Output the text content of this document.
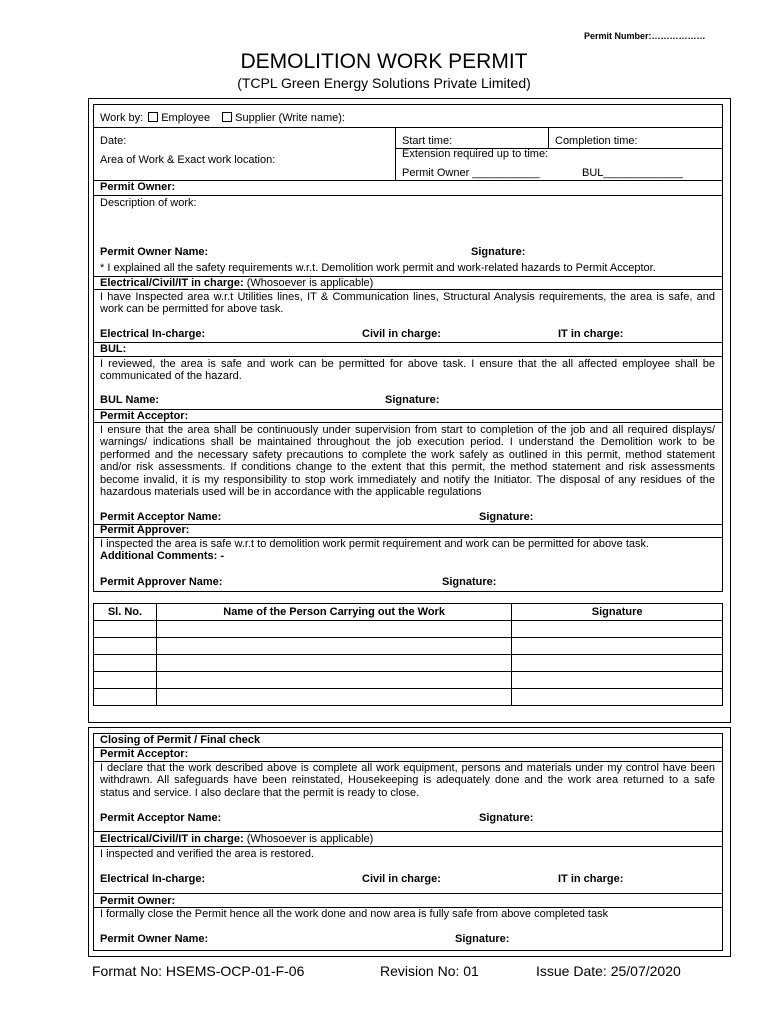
Permit Number:………………
DEMOLITION WORK PERMIT
(TCPL Green Energy Solutions Private Limited)
Work by: Employee Supplier (Write name):
Date:	Start time:	Completion time:
Area of Work & Exact work location:	Extension required up to time:
Permit Owner ___________	BUL_____________
Permit Owner:
Description of work:
Permit Owner Name:	Signature:
* I explained all the safety requirements w.r.t. Demolition work permit and work-related hazards to Permit Acceptor.
Electrical/Civil/IT in charge: (Whosoever is applicable)
I have Inspected area w.r.t Utilities lines, IT & Communication lines, Structural Analysis requirements, the area is safe, and work can be permitted for above task.
Electrical In-charge:	Civil in charge:	IT in charge:
BUL:
I reviewed, the area is safe and work can be permitted for above task. I ensure that the all affected employee shall be communicated of the hazard.
BUL Name:	Signature:
Permit Acceptor:
I ensure that the area shall be continuously under supervision from start to completion of the job and all required displays/ warnings/ indications shall be maintained throughout the job execution period. I understand the Demolition work to be performed and the necessary safety precautions to complete the work safely as outlined in this permit, method statement and/or risk assessments. If conditions change to the extent that this permit, the method statement and risk assessments become invalid, it is my responsibility to stop work immediately and notify the Initiator. The disposal of any residues of the hazardous materials used will be in accordance with the applicable regulations
Permit Acceptor Name:	Signature:
Permit Approver:
I inspected the area is safe w.r.t to demolition work permit requirement and work can be permitted for above task.
Additional Comments: -
Permit Approver Name:	Signature:
Sl. No.	Name of the Person Carrying out the Work	Signature

Closing of Permit / Final check
Permit Acceptor:
I declare that the work described above is complete all work equipment, persons and materials under my control have been withdrawn. All safeguards have been reinstated, Housekeeping is adequately done and the work area returned to a safe status and service. I also declare that the permit is ready to close.
Permit Acceptor Name:	Signature:
Electrical/Civil/IT in charge: (Whosoever is applicable)
I inspected and verified the area is restored.
Electrical In-charge:	Civil in charge:	IT in charge:
Permit Owner:
I formally close the Permit hence all the work done and now area is fully safe from above completed task
Permit Owner Name:	Signature:
Format No: HSEMS-OCP-01-F-06	Revision No: 01	Issue Date: 25/07/2020
